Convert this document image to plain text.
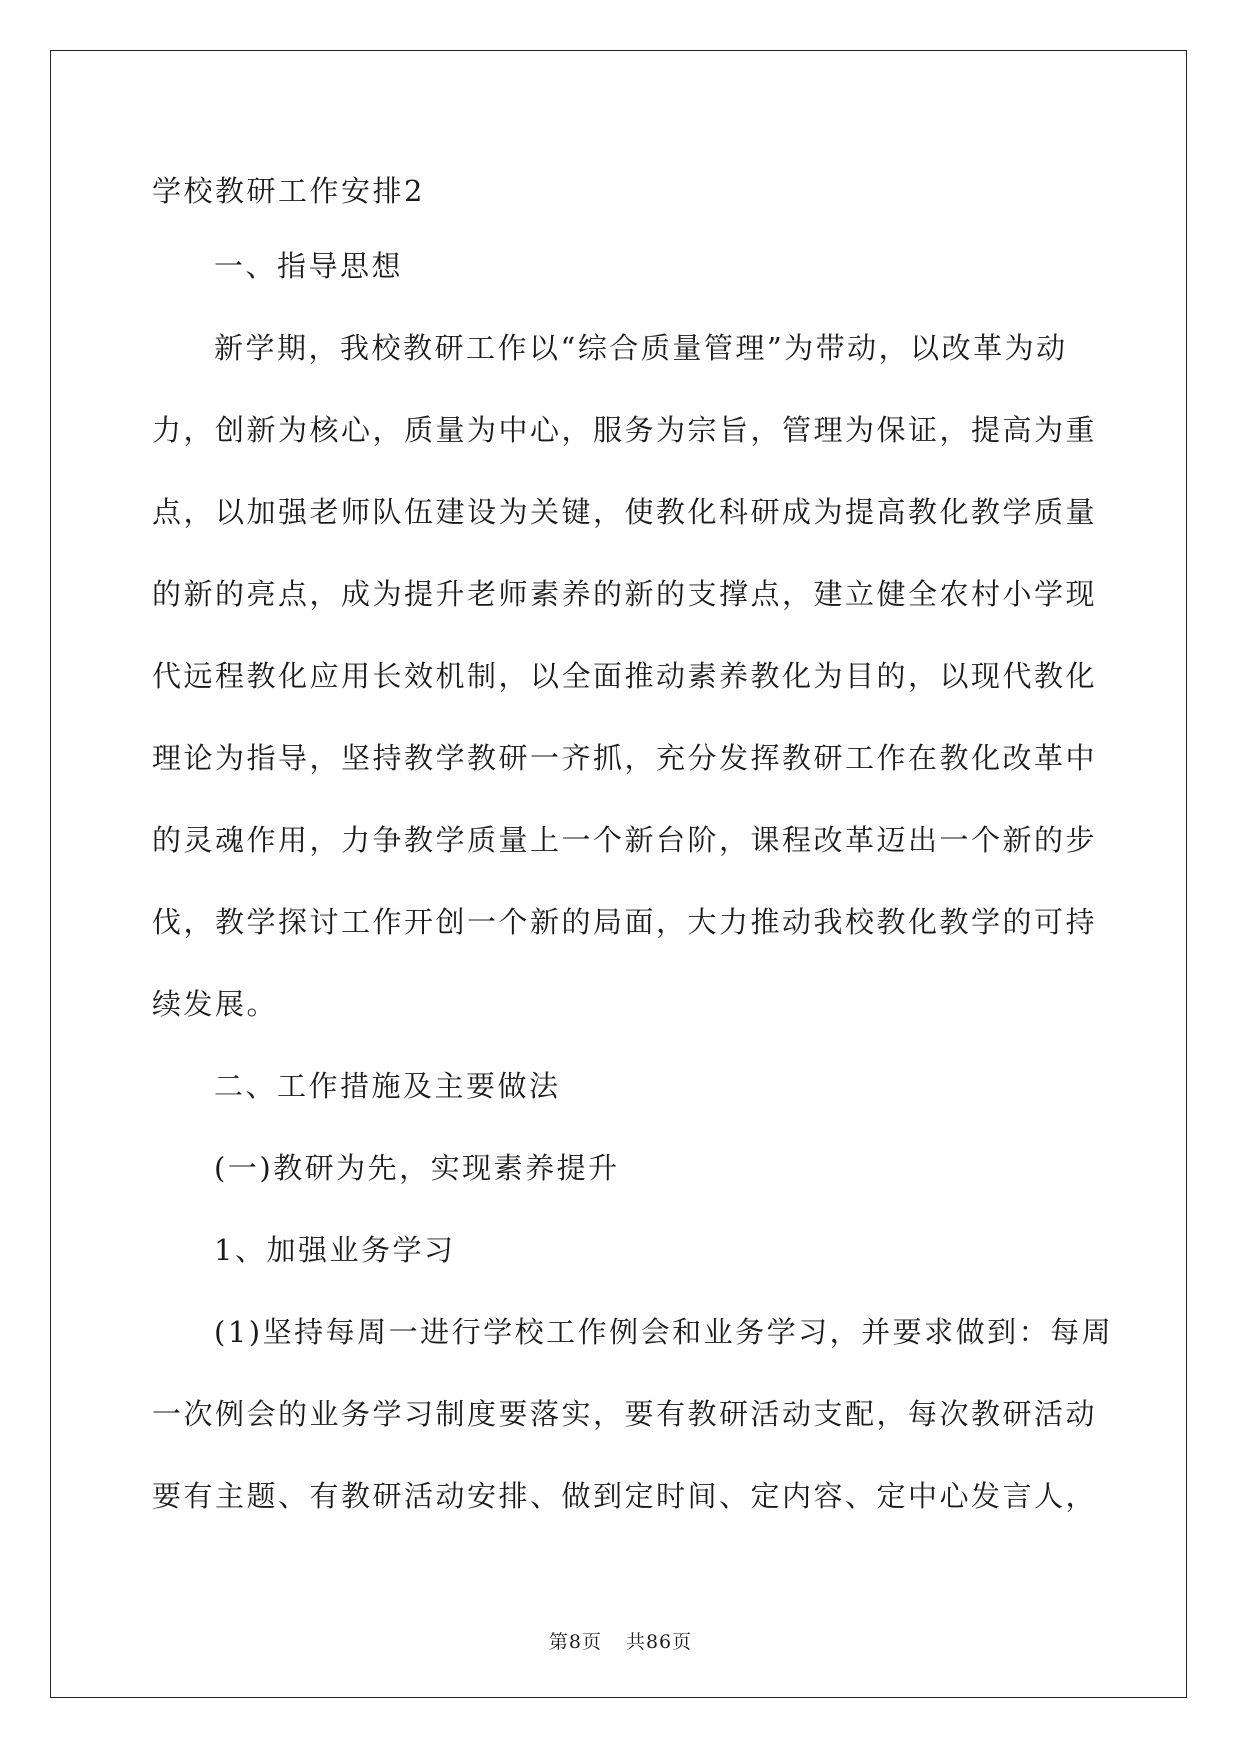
学校教研工作安排2
一、指导思想
新学期，我校教研工作以“综合质量管理”为带动，以改革为动
力，创新为核心，质量为中心，服务为宗旨，管理为保证，提高为重
点，以加强老师队伍建设为关键，使教化科研成为提高教化教学质量
的新的亮点，成为提升老师素养的新的支撑点，建立健全农村小学现
代远程教化应用长效机制，以全面推动素养教化为目的，以现代教化
理论为指导，坚持教学教研一齐抓，充分发挥教研工作在教化改革中
的灵魂作用，力争教学质量上一个新台阶，课程改革迈出一个新的步
伐，教学探讨工作开创一个新的局面，大力推动我校教化教学的可持
续发展。
二、工作措施及主要做法
(一)教研为先，实现素养提升
1、加强业务学习
(1)坚持每周一进行学校工作例会和业务学习，并要求做到：每周
一次例会的业务学习制度要落实，要有教研活动支配，每次教研活动
要有主题、有教研活动安排、做到定时间、定内容、定中心发言人，
第8页 共86页
